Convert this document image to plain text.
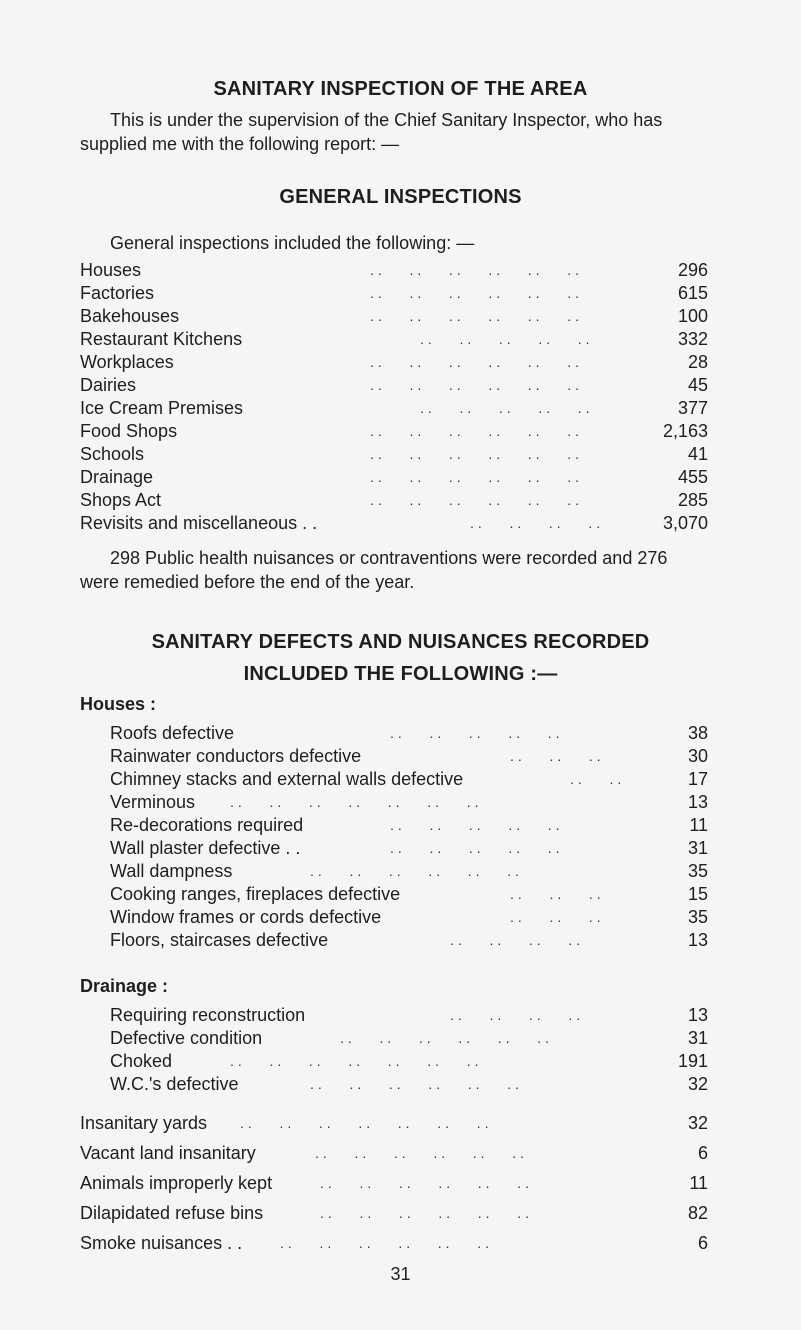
SANITARY INSPECTION OF THE AREA
This is under the supervision of the Chief Sanitary Inspector, who has supplied me with the following report: —
GENERAL INSPECTIONS
General inspections included the following: —
Houses	..   ..   ..   ..   ..   ..	296
Factories	..   ..   ..   ..   ..   ..	615
Bakehouses	..   ..   ..   ..   ..   ..	100
Restaurant Kitchens	..   ..   ..   ..   ..	332
Workplaces	..   ..   ..   ..   ..   ..	28
Dairies	..   ..   ..   ..   ..   ..	45
Ice Cream Premises	..   ..   ..   ..   ..	377
Food Shops	..   ..   ..   ..   ..   ..	2,163
Schools	..   ..   ..   ..   ..   ..	41
Drainage	..   ..   ..   ..   ..   ..	455
Shops Act	..   ..   ..   ..   ..   ..	285
Revisits and miscellaneous . .	..   ..   ..   ..	3,070
298 Public health nuisances or contraventions were recorded and 276 were remedied before the end of the year.
SANITARY DEFECTS AND NUISANCES RECORDED
INCLUDED THE FOLLOWING :—
Houses :
Roofs defective	..   ..   ..   ..   ..	38
Rainwater conductors defective	..   ..   ..	30
Chimney stacks and external walls defective	..   ..	17
Verminous ..   ..   ..   ..   ..   ..   ..	13
Re-decorations required	..   ..   ..   ..   ..	11
Wall plaster defective . .	..   ..   ..   ..   ..	31
Wall dampness	..   ..   ..   ..   ..   ..	35
Cooking ranges, fireplaces defective	..   ..   ..	15
Window frames or cords defective	..   ..   ..	35
Floors, staircases defective	..   ..   ..   ..	13
Drainage :
Requiring reconstruction	..   ..   ..   ..	13
Defective condition	..   ..   ..   ..   ..   ..	31
Choked	..   ..   ..   ..   ..   ..   ..	191
W.C.'s defective	..   ..   ..   ..   ..   ..	32
Insanitary yards ..   ..   ..   ..   ..   ..   ..	32
Vacant land insanitary	..   ..   ..   ..   ..   ..	6
Animals improperly kept	..   ..   ..   ..   ..   ..	11
Dilapidated refuse bins	..   ..   ..   ..   ..   ..	82
Smoke nuisances . .	..   ..   ..   ..   ..   ..	6
31
